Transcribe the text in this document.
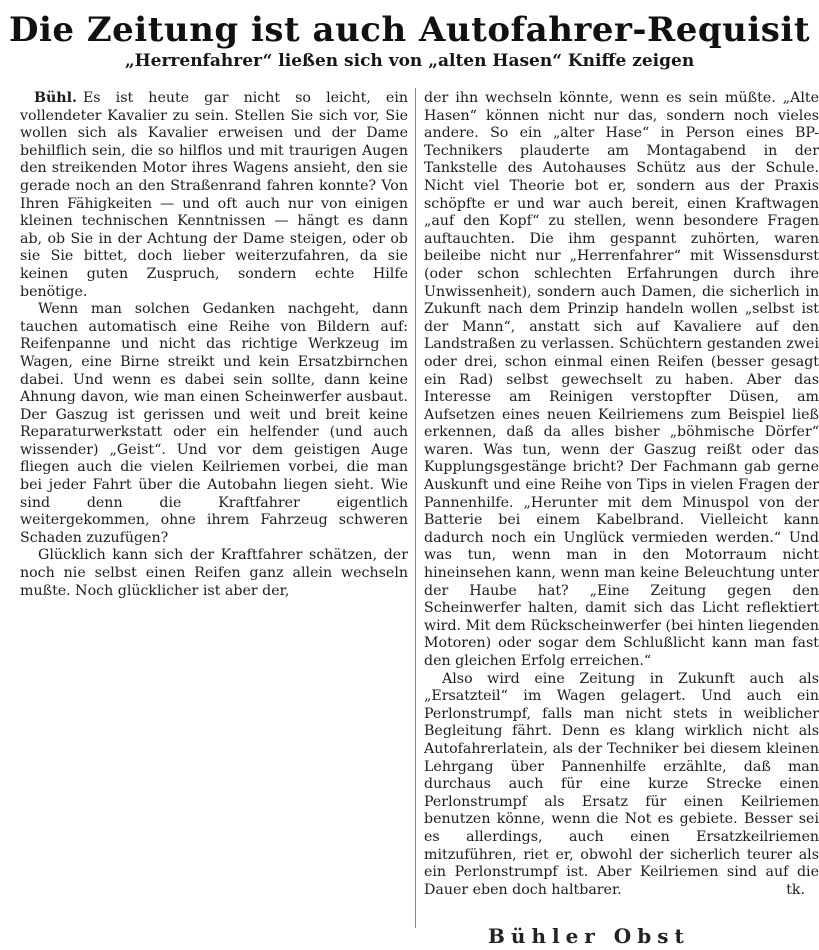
Die Zeitung ist auch Autofahrer-Requisit
„Herrenfahrer“ ließen sich von „alten Hasen“ Kniffe zeigen

Bühl. Es ist heute gar nicht so leicht, ein vollendeter Kavalier zu sein. Stellen Sie sich vor, Sie wollen sich als Kavalier erweisen und der Dame behilflich sein, die so hilflos und mit traurigen Augen den streikenden Motor ihres Wagens ansieht, den sie gerade noch an den Straßenrand fahren konnte? Von Ihren Fähigkeiten — und oft auch nur von einigen kleinen technischen Kenntnissen — hängt es dann ab, ob Sie in der Achtung der Dame steigen, oder ob sie Sie bittet, doch lieber weiterzufahren, da sie keinen guten Zuspruch, sondern echte Hilfe benötige.

Wenn man solchen Gedanken nachgeht, dann tauchen automatisch eine Reihe von Bildern auf: Reifenpanne und nicht das richtige Werkzeug im Wagen, eine Birne streikt und kein Ersatzbirnchen dabei. Und wenn es dabei sein sollte, dann keine Ahnung davon, wie man einen Scheinwerfer ausbaut. Der Gaszug ist gerissen und weit und breit keine Reparaturwerkstatt oder ein helfender (und auch wissender) „Geist“. Und vor dem geistigen Auge fliegen auch die vielen Keilriemen vorbei, die man bei jeder Fahrt über die Autobahn liegen sieht. Wie sind denn die Kraftfahrer eigentlich weitergekommen, ohne ihrem Fahrzeug schweren Schaden zuzufügen?

Glücklich kann sich der Kraftfahrer schätzen, der noch nie selbst einen Reifen ganz allein wechseln mußte. Noch glücklicher ist aber der,

der ihn wechseln könnte, wenn es sein müßte. „Alte Hasen“ können nicht nur das, sondern noch vieles andere. So ein „alter Hase“ in Person eines BP-Technikers plauderte am Montagabend in der Tankstelle des Autohauses Schütz aus der Schule. Nicht viel Theorie bot er, sondern aus der Praxis schöpfte er und war auch bereit, einen Kraftwagen „auf den Kopf“ zu stellen, wenn besondere Fragen auftauchten. Die ihm gespannt zuhörten, waren beileibe nicht nur „Herrenfahrer“ mit Wissensdurst (oder schon schlechten Erfahrungen durch ihre Unwissenheit), sondern auch Damen, die sicherlich in Zukunft nach dem Prinzip handeln wollen „selbst ist der Mann“, anstatt sich auf Kavaliere auf den Landstraßen zu verlassen. Schüchtern gestanden zwei oder drei, schon einmal einen Reifen (besser gesagt ein Rad) selbst gewechselt zu haben. Aber das Interesse am Reinigen verstopfter Düsen, am Aufsetzen eines neuen Keilriemens zum Beispiel ließ erkennen, daß da alles bisher „böhmische Dörfer“ waren. Was tun, wenn der Gaszug reißt oder das Kupplungsgestänge bricht? Der Fachmann gab gerne Auskunft und eine Reihe von Tips in vielen Fragen der Pannenhilfe. „Herunter mit dem Minuspol von der Batterie bei einem Kabelbrand. Vielleicht kann dadurch noch ein Unglück vermieden werden.“ Und was tun, wenn man in den Motorraum nicht hineinsehen kann, wenn man keine Beleuchtung unter der Haube hat? „Eine Zeitung gegen den Scheinwerfer halten, damit sich das Licht reflektiert wird. Mit dem Rückscheinwerfer (bei hinten liegenden Motoren) oder sogar dem Schlußlicht kann man fast den gleichen Erfolg erreichen.“

Also wird eine Zeitung in Zukunft auch als „Ersatzteil“ im Wagen gelagert. Und auch ein Perlonstrumpf, falls man nicht stets in weiblicher Begleitung fährt. Denn es klang wirklich nicht als Autofahrerlatein, als der Techniker bei diesem kleinen Lehrgang über Pannenhilfe erzählte, daß man durchaus auch für eine kurze Strecke einen Perlonstrumpf als Ersatz für einen Keilriemen benutzen könne, wenn die Not es gebiete. Besser sei es allerdings, auch einen Ersatzkeilriemen mitzuführen, riet er, obwohl der sicherlich teurer als ein Perlonstrumpf ist. Aber Keilriemen sind auf die Dauer eben doch haltbarer.	tk.

Bühler Obst
